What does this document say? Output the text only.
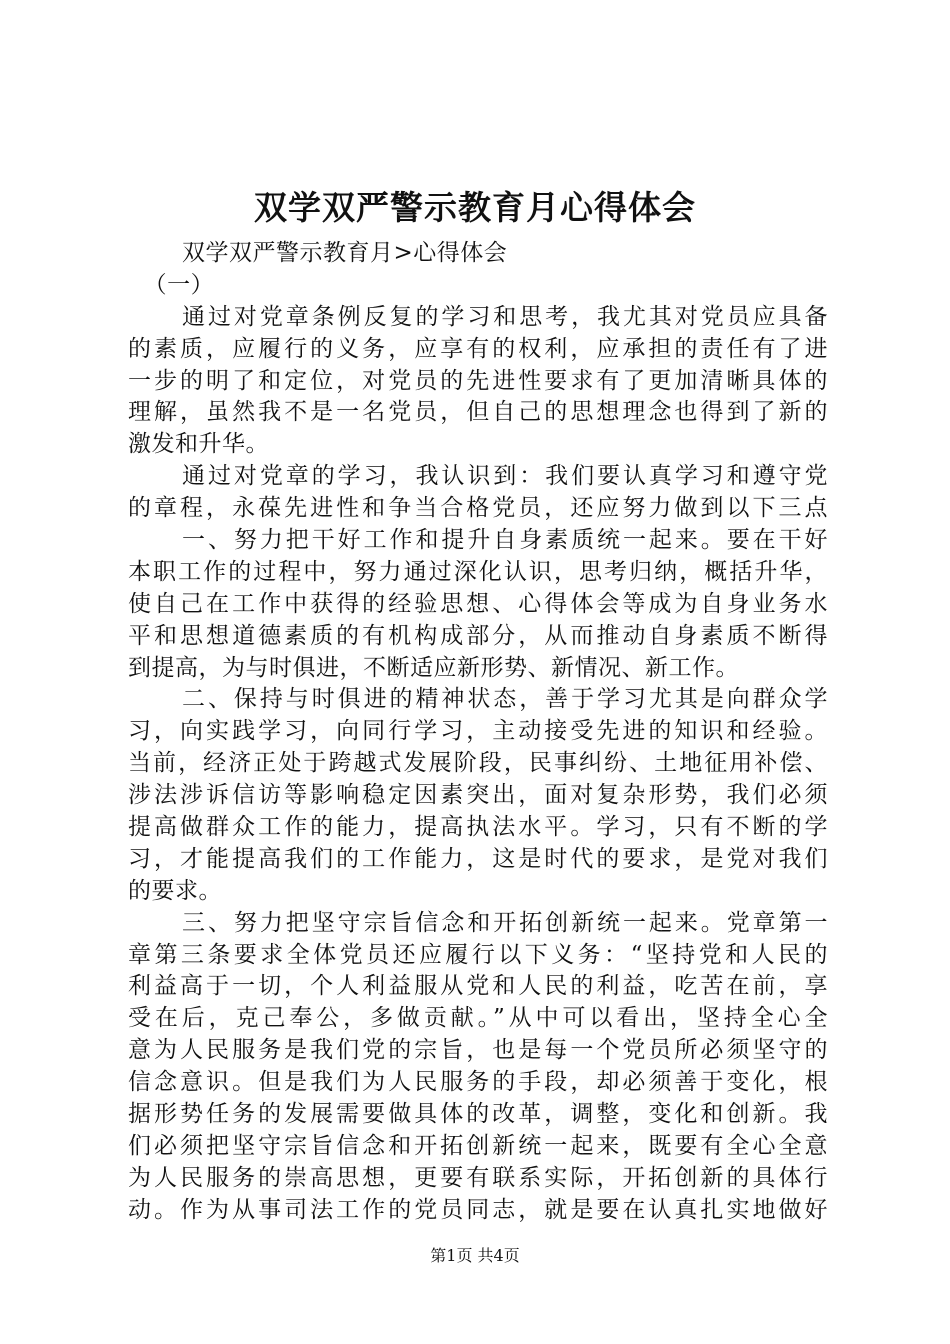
双学双严警示教育月心得体会
双学双严警示教育月>心得体会
（一）
通过对党章条例反复的学习和思考，我尤其对党员应具备
的素质，应履行的义务，应享有的权利，应承担的责任有了进
一步的明了和定位，对党员的先进性要求有了更加清晰具体的
理解，虽然我不是一名党员，但自己的思想理念也得到了新的
激发和升华。
通过对党章的学习，我认识到：我们要认真学习和遵守党
的章程，永葆先进性和争当合格党员，还应努力做到以下三点
一、努力把干好工作和提升自身素质统一起来。要在干好
本职工作的过程中，努力通过深化认识，思考归纳，概括升华，
使自己在工作中获得的经验思想、心得体会等成为自身业务水
平和思想道德素质的有机构成部分，从而推动自身素质不断得
到提高，为与时俱进，不断适应新形势、新情况、新工作。
二、保持与时俱进的精神状态，善于学习尤其是向群众学
习，向实践学习，向同行学习，主动接受先进的知识和经验。
当前，经济正处于跨越式发展阶段，民事纠纷、土地征用补偿、
涉法涉诉信访等影响稳定因素突出，面对复杂形势，我们必须
提高做群众工作的能力，提高执法水平。学习，只有不断的学
习，才能提高我们的工作能力，这是时代的要求，是党对我们
的要求。
三、努力把坚守宗旨信念和开拓创新统一起来。党章第一
章第三条要求全体党员还应履行以下义务：“坚持党和人民的
利益高于一切，个人利益服从党和人民的利益，吃苦在前，享
受在后，克己奉公，多做贡献。”从中可以看出，坚持全心全
意为人民服务是我们党的宗旨，也是每一个党员所必须坚守的
信念意识。但是我们为人民服务的手段，却必须善于变化，根
据形势任务的发展需要做具体的改革，调整，变化和创新。我
们必须把坚守宗旨信念和开拓创新统一起来，既要有全心全意
为人民服务的崇高思想，更要有联系实际，开拓创新的具体行
动。作为从事司法工作的党员同志，就是要在认真扎实地做好
第1页 共4页
